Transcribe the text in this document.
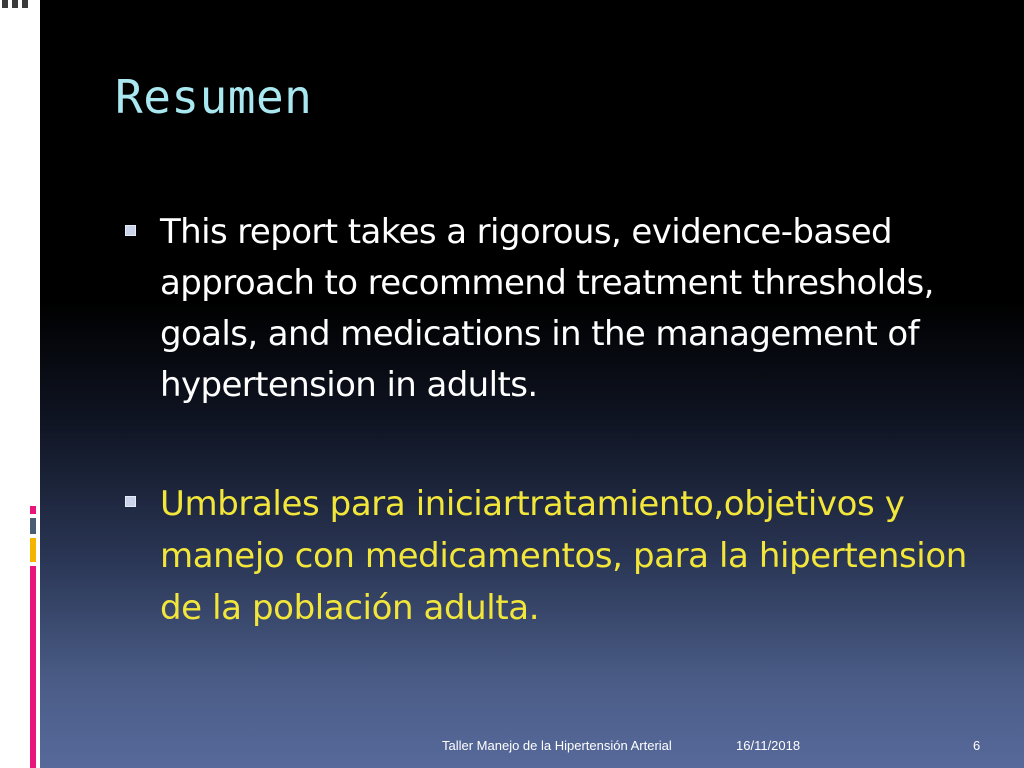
Resumen
This report takes a rigorous, evidence-based approach to recommend treatment thresholds, goals, and medications in the management of hypertension in adults.
Umbrales para iniciartratamiento,objetivos y manejo con medicamentos, para la hipertension de la población adulta.
Taller Manejo de la Hipertensión Arterial	16/11/2018	6
